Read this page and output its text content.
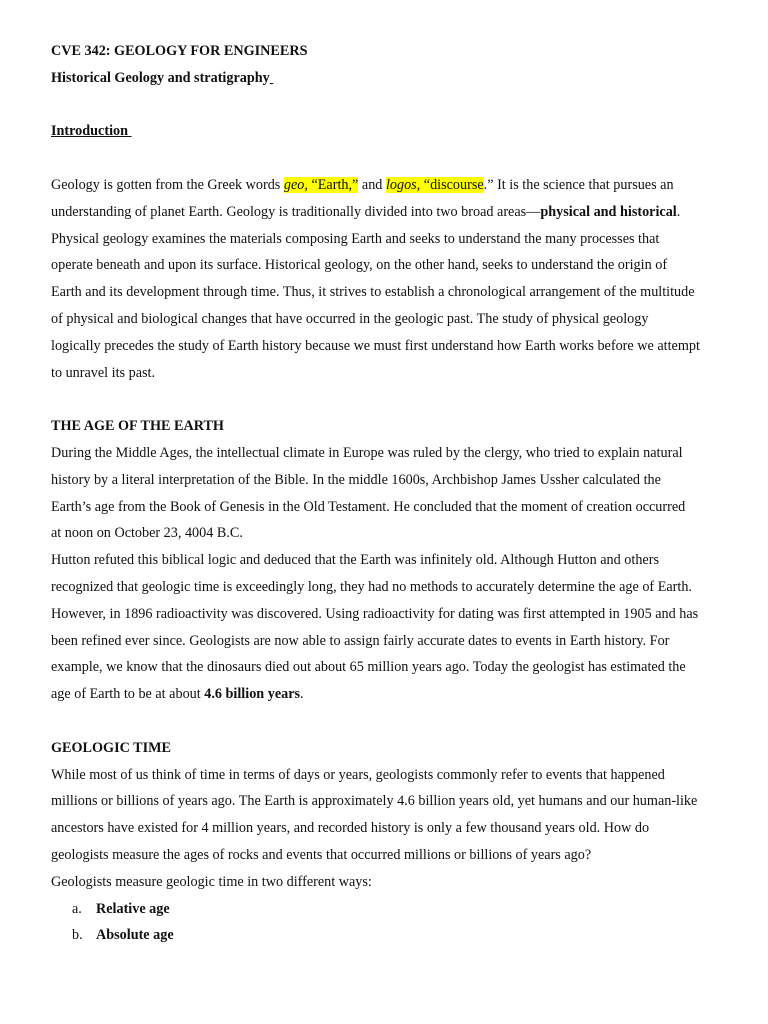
CVE 342: GEOLOGY FOR ENGINEERS
Historical Geology and stratigraphy
Introduction
Geology is gotten from the Greek words geo, “Earth,” and logos, “discourse.” It is the science that pursues an
understanding of planet Earth. Geology is traditionally divided into two broad areas—physical and historical.
Physical geology examines the materials composing Earth and seeks to understand the many processes that
operate beneath and upon its surface. Historical geology, on the other hand, seeks to understand the origin of
Earth and its development through time. Thus, it strives to establish a chronological arrangement of the multitude
of physical and biological changes that have occurred in the geologic past. The study of physical geology
logically precedes the study of Earth history because we must first understand how Earth works before we attempt
to unravel its past.
THE AGE OF THE EARTH
During the Middle Ages, the intellectual climate in Europe was ruled by the clergy, who tried to explain natural
history by a literal interpretation of the Bible. In the middle 1600s, Archbishop James Ussher calculated the
Earth’s age from the Book of Genesis in the Old Testament. He concluded that the moment of creation occurred
at noon on October 23, 4004 B.C.
Hutton refuted this biblical logic and deduced that the Earth was infinitely old. Although Hutton and others
recognized that geologic time is exceedingly long, they had no methods to accurately determine the age of Earth.
However, in 1896 radioactivity was discovered. Using radioactivity for dating was first attempted in 1905 and has
been refined ever since. Geologists are now able to assign fairly accurate dates to events in Earth history. For
example, we know that the dinosaurs died out about 65 million years ago. Today the geologist has estimated the
age of Earth to be at about 4.6 billion years.
GEOLOGIC TIME
While most of us think of time in terms of days or years, geologists commonly refer to events that happened
millions or billions of years ago. The Earth is approximately 4.6 billion years old, yet humans and our human-like
ancestors have existed for 4 million years, and recorded history is only a few thousand years old. How do
geologists measure the ages of rocks and events that occurred millions or billions of years ago?
Geologists measure geologic time in two different ways:
a. Relative age
b. Absolute age
